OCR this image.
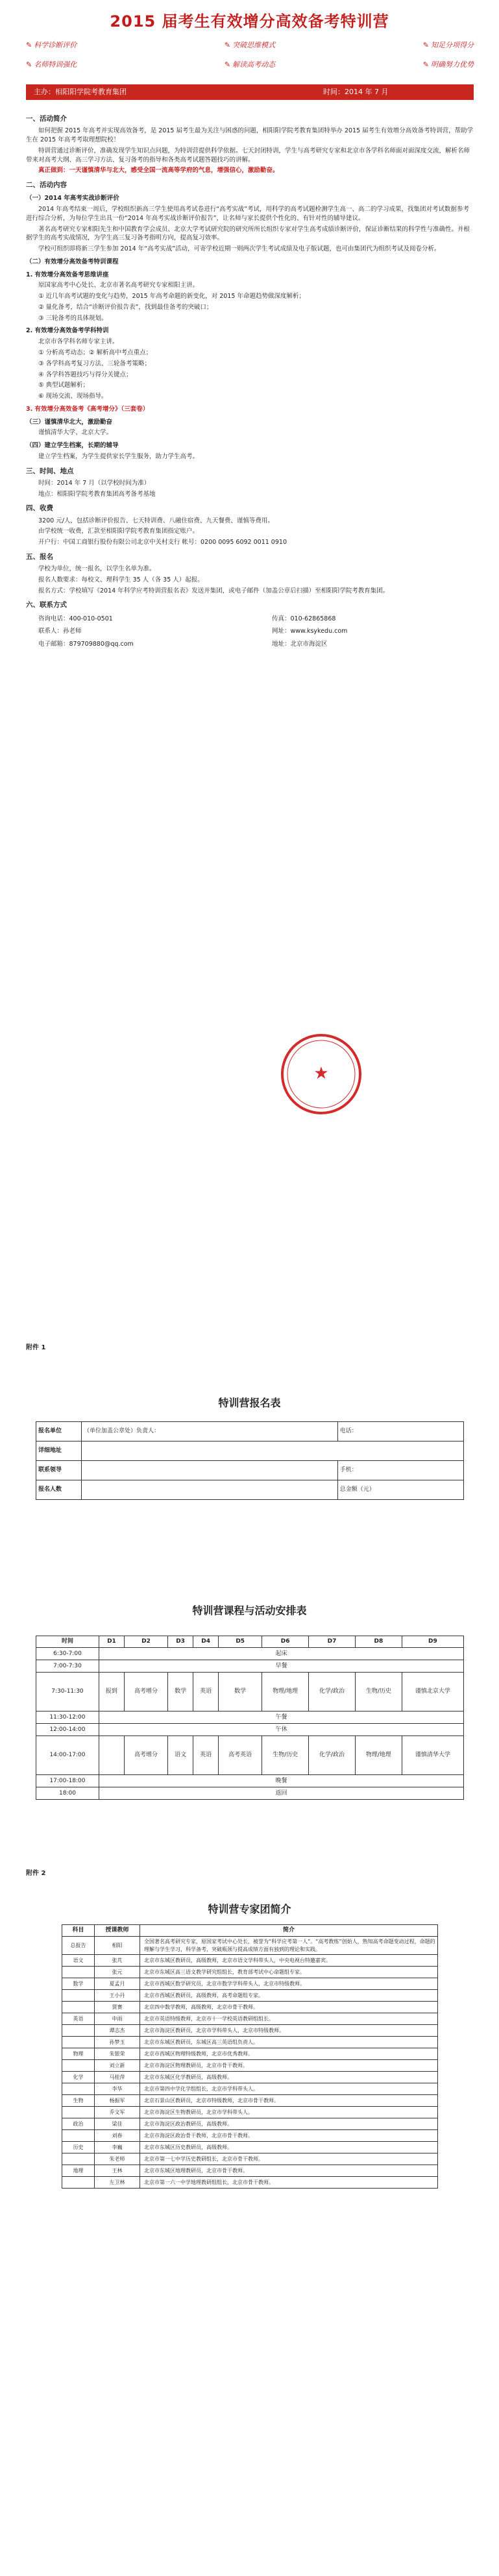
2015 届考生有效增分高效备考特训营
✎ 科学诊断评价	✎ 突破思维模式	✎ 知足分项得分
✎ 名师特训强化	✎ 解读高考动态	✎ 明确努力优势
主办：相阳阳学院考教育集团	时间：2014 年 7 月
一、活动简介
如何把握 2015 年高考并实现高效备考，是 2015 届考生最为关注与困惑的问题，相阳阳学院考教育集团特举办 2015 届考生有效增分高效备考特训营，帮助学生在 2015 年高考考取理想院校！
特训营通过诊断评价，准确发现学生知识点问题，为特训营提供科学依据。七天封闭特训，学生与高考研究专家和北京市各学科名师面对面深度交流，解析名师带来对高考大纲、高三学习方法、复习备考的指导和各类高考试题答题技巧的讲解。
真正做到：一天谨慎清华与北大，感受全国一流高等学府的气息，增强信心，激励勤奋。
二、活动内容
（一）2014 年高考实战诊断评价
2014 年高考结束一周后，学校组织新高三学生使用高考试卷进行“高考实战”考试，用科学的高考试题检测学生高一、高二的学习成果，找集团对考试数据参考进行综合分析，为每位学生出具一份“2014 年高考实战诊断评价报告”，让名师与家长提供个性化的、有针对性的辅导建议。
著名高考研究专家相阳先生和中国教育学会成员、北京大学考试研究院的研究所所长组织专家对学生高考成绩诊断评价，保证诊断结果的科学性与准确性。并根据学生的高考实战情况，为学生高三复习备考指明方向，提高复习效率。
学校可组织即将新三学生参加 2014 年“高考实战”活动，可寄学校近期一则两次学生考试成绩及电子版试题，也可由集团代为组织考试及阅卷分析。
（二）有效增分高效备考特训课程
1. 有效增分高效备考思维讲座
原国家高考中心处长、北京市著名高考研究专家相阳主讲。
① 近几年高考试题的变化与趋势，2015 年高考命题的新变化，对 2015 年命题趋势做深度解析；
② 量化备考，结合“诊断评价报告表”，找到最佳备考的突破口；
③ 三轮备考的具体规划。
2. 有效增分高效备考学科特训
北京市各学科名师专家主讲。
① 分析高考动态；② 解析高中考点重点；
③ 各学科高考复习方法、三轮备考策略；
④ 各学科答题技巧与得分关键点；
⑤ 典型试题解析；
⑥ 现场交流、现场指导。
3. 有效增分高效备考《高考增分》（三套卷）
（三）谨慎清华北大，激励勤奋
谨慎清华大学、北京大学。
（四）建立学生档案，长期的辅导
建立学生档案，为学生提供家长学生服务，助力学生高考。
三、时间、地点
时间：2014 年 7 月（以学校时间为准）
地点：相阳阳学院考教育集团高考备考基地
四、收费
3200 元/人，包括诊断评价报告、七天特训费、八融住宿费、九天餐费、谨慎等费用。
由学校统一收费，汇款至相阳阳学院考教育集团指定账户。
开户行：中国工商银行股份有限公司北京中关村支行 帐号：0200 0095 6092 0011 0910
五、报名
学校为单位，统一报名，以学生名单为准。
报名人数要求：每校文、理科学生 35 人（各 35 人）起报。
报名方式：学校填写《2014 年科学应考特训营报名表》发送并集团，或电子邮件（加盖公章后扫描）至相阳阳学院考教育集团。
六、联系方式
咨询电话：400-010-0501	传真：010-62865868
联系人：孙老师	网址：www.ksykedu.com
电子邮箱：879709880@qq.com	地址：北京市海淀区
★
附件 1
特训营报名表
报名单位	（单位加盖公章处）负责人：	电话：
详细地址		
联系领导		手机：
报名人数		总金额（元）
特训营课程与活动安排表
时间	D1	D2	D3	D4	D5	D6	D7	D8	D9
6:30-7:00	起床								
7:00-7:30	早餐								
7:30-11:30	报到	高考增分	数学	英语	数学	物理/地理	化学/政治	生物/历史	谨慎北京大学
11:30-12:00	午餐								
12:00-14:00	午休								
14:00-17:00		高考增分	语文	英语	高考英语	生物/历史	化学/政治	物理/地理	谨慎清华大学
17:00-18:00	晚餐								
18:00	返回								
附件 2
特训营专家团简介
科目	授课教师	简介
总报告	相阳	全国著名高考研究专家，原国家考试中心处长，被誉为“科学应考第一人”。“高考教练”创始人，熟知高考命题变动过程，命题的理解与学生学习，科学备考，突破瓶颈与提高成绩方面有独到的理论和实践。
语文	张芃	北京市东城区教研员，高级教师，北京市语文学科带头人，中央电视台特邀嘉宾。
	张元	北京市东城区高三语文教学研究组组长，教育部考试中心命题组专家。
数学	夏孟月	北京市西城区数学研究员，北京市数学学科带头人，北京市特级教师。
	王小丹	北京市西城区教研员，高级教师，高考命题组专家。
	贾赛	北京四中数学教师，高级教师，北京市骨干教师。
英语	申雨	北京市英语特级教师，北京市十一学校英语教研组组长。
	谭志杰	北京市海淀区教研员，北京市学科带头人，北京市特级教师。
	孙梦玉	北京市东城区教研员，东城区高三英语组负责人。
物理	朱银荣	北京市西城区物理特级教师，北京市优秀教师。
	刘立新	北京市海淀区物理教研员，北京市骨干教师。
化学	马桂萍	北京市东城区化学教研员，高级教师。
	李华	北京市第四中学化学组组长，北京市学科带头人。
生物	杨振军	北京石景山区教研员，北京市特级教师，北京市骨干教师。
	乔文军	北京市海淀区生物教研员，北京市学科带头人。
政治	梁佳	北京市海淀区政治教研员，高级教师。
	刘春	北京市海淀区政治骨干教师，北京市骨干教师。
历史	李巍	北京市东城区历史教研员，高级教师。
	朱老师	北京市第一七中学历史教研组长，北京市骨干教师。
地理	王林	北京市东城区地理教研员，北京市骨干教师。
	左卫林	北京市第一六一中学地理教研组组长，北京市骨干教师。
